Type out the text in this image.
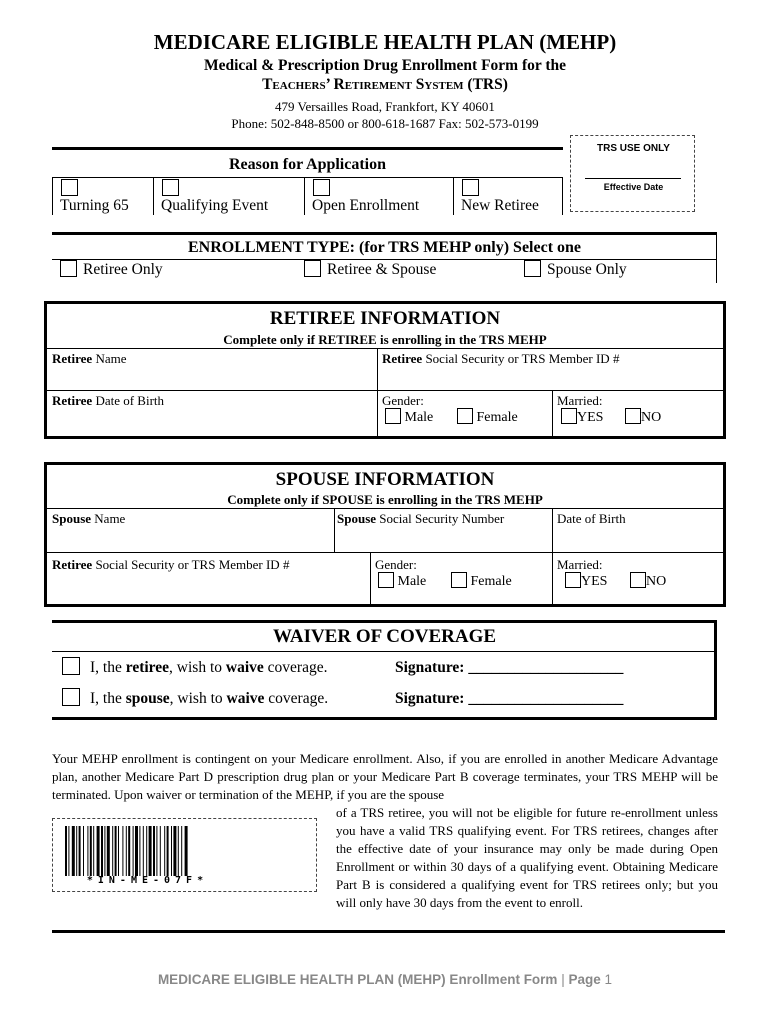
MEDICARE ELIGIBLE HEALTH PLAN (MEHP)
Medical & Prescription Drug Enrollment Form for the
Teachers’ Retirement System (TRS)
479 Versailles Road, Frankfort, KY 40601
Phone: 502-848-8500 or 800-618-1687 Fax: 502-573-0199
TRS USE ONLY
Effective Date
Reason for Application
Turning 65 Qualifying Event	Open Enrollment	New Retiree
ENROLLMENT TYPE: (for TRS MEHP only) Select one
Retiree Only	Retiree & Spouse	Spouse Only
RETIREE INFORMATION
Complete only if RETIREE is enrolling in the TRS MEHP
Retiree Name	Retiree Social Security or TRS Member ID #
Retiree Date of Birth	Gender:
Male	Female
Married:
YES	NO
SPOUSE INFORMATION
Complete only if SPOUSE is enrolling in the TRS MEHP
Spouse Name	Spouse Social Security Number	Date of Birth
Retiree Social Security or TRS Member ID #	Gender:
Male	Female
Married:
YES	NO
WAIVER OF COVERAGE
I, the retiree, wish to waive coverage.	Signature: ____________________
I, the spouse, wish to waive coverage.	Signature: ____________________
Your MEHP enrollment is contingent on your Medicare enrollment. Also, if you are enrolled in another Medicare Advantage plan, another Medicare Part D prescription drug plan or your Medicare Part B coverage terminates, your TRS MEHP will be terminated. Upon waiver or termination of the MEHP, if you are the spouse
of a TRS retiree, you will not be eligible for future re-enrollment unless you have a valid TRS qualifying event. For TRS retirees, changes after the effective date of your insurance may only be made during Open Enrollment or within 30 days of a qualifying event. Obtaining Medicare Part B is considered a qualifying event for TRS retirees only; but you will only have 30 days from the event to enroll.
*IN-ME-07F*
MEDICARE ELIGIBLE HEALTH PLAN (MEHP) Enrollment Form | Page 1
